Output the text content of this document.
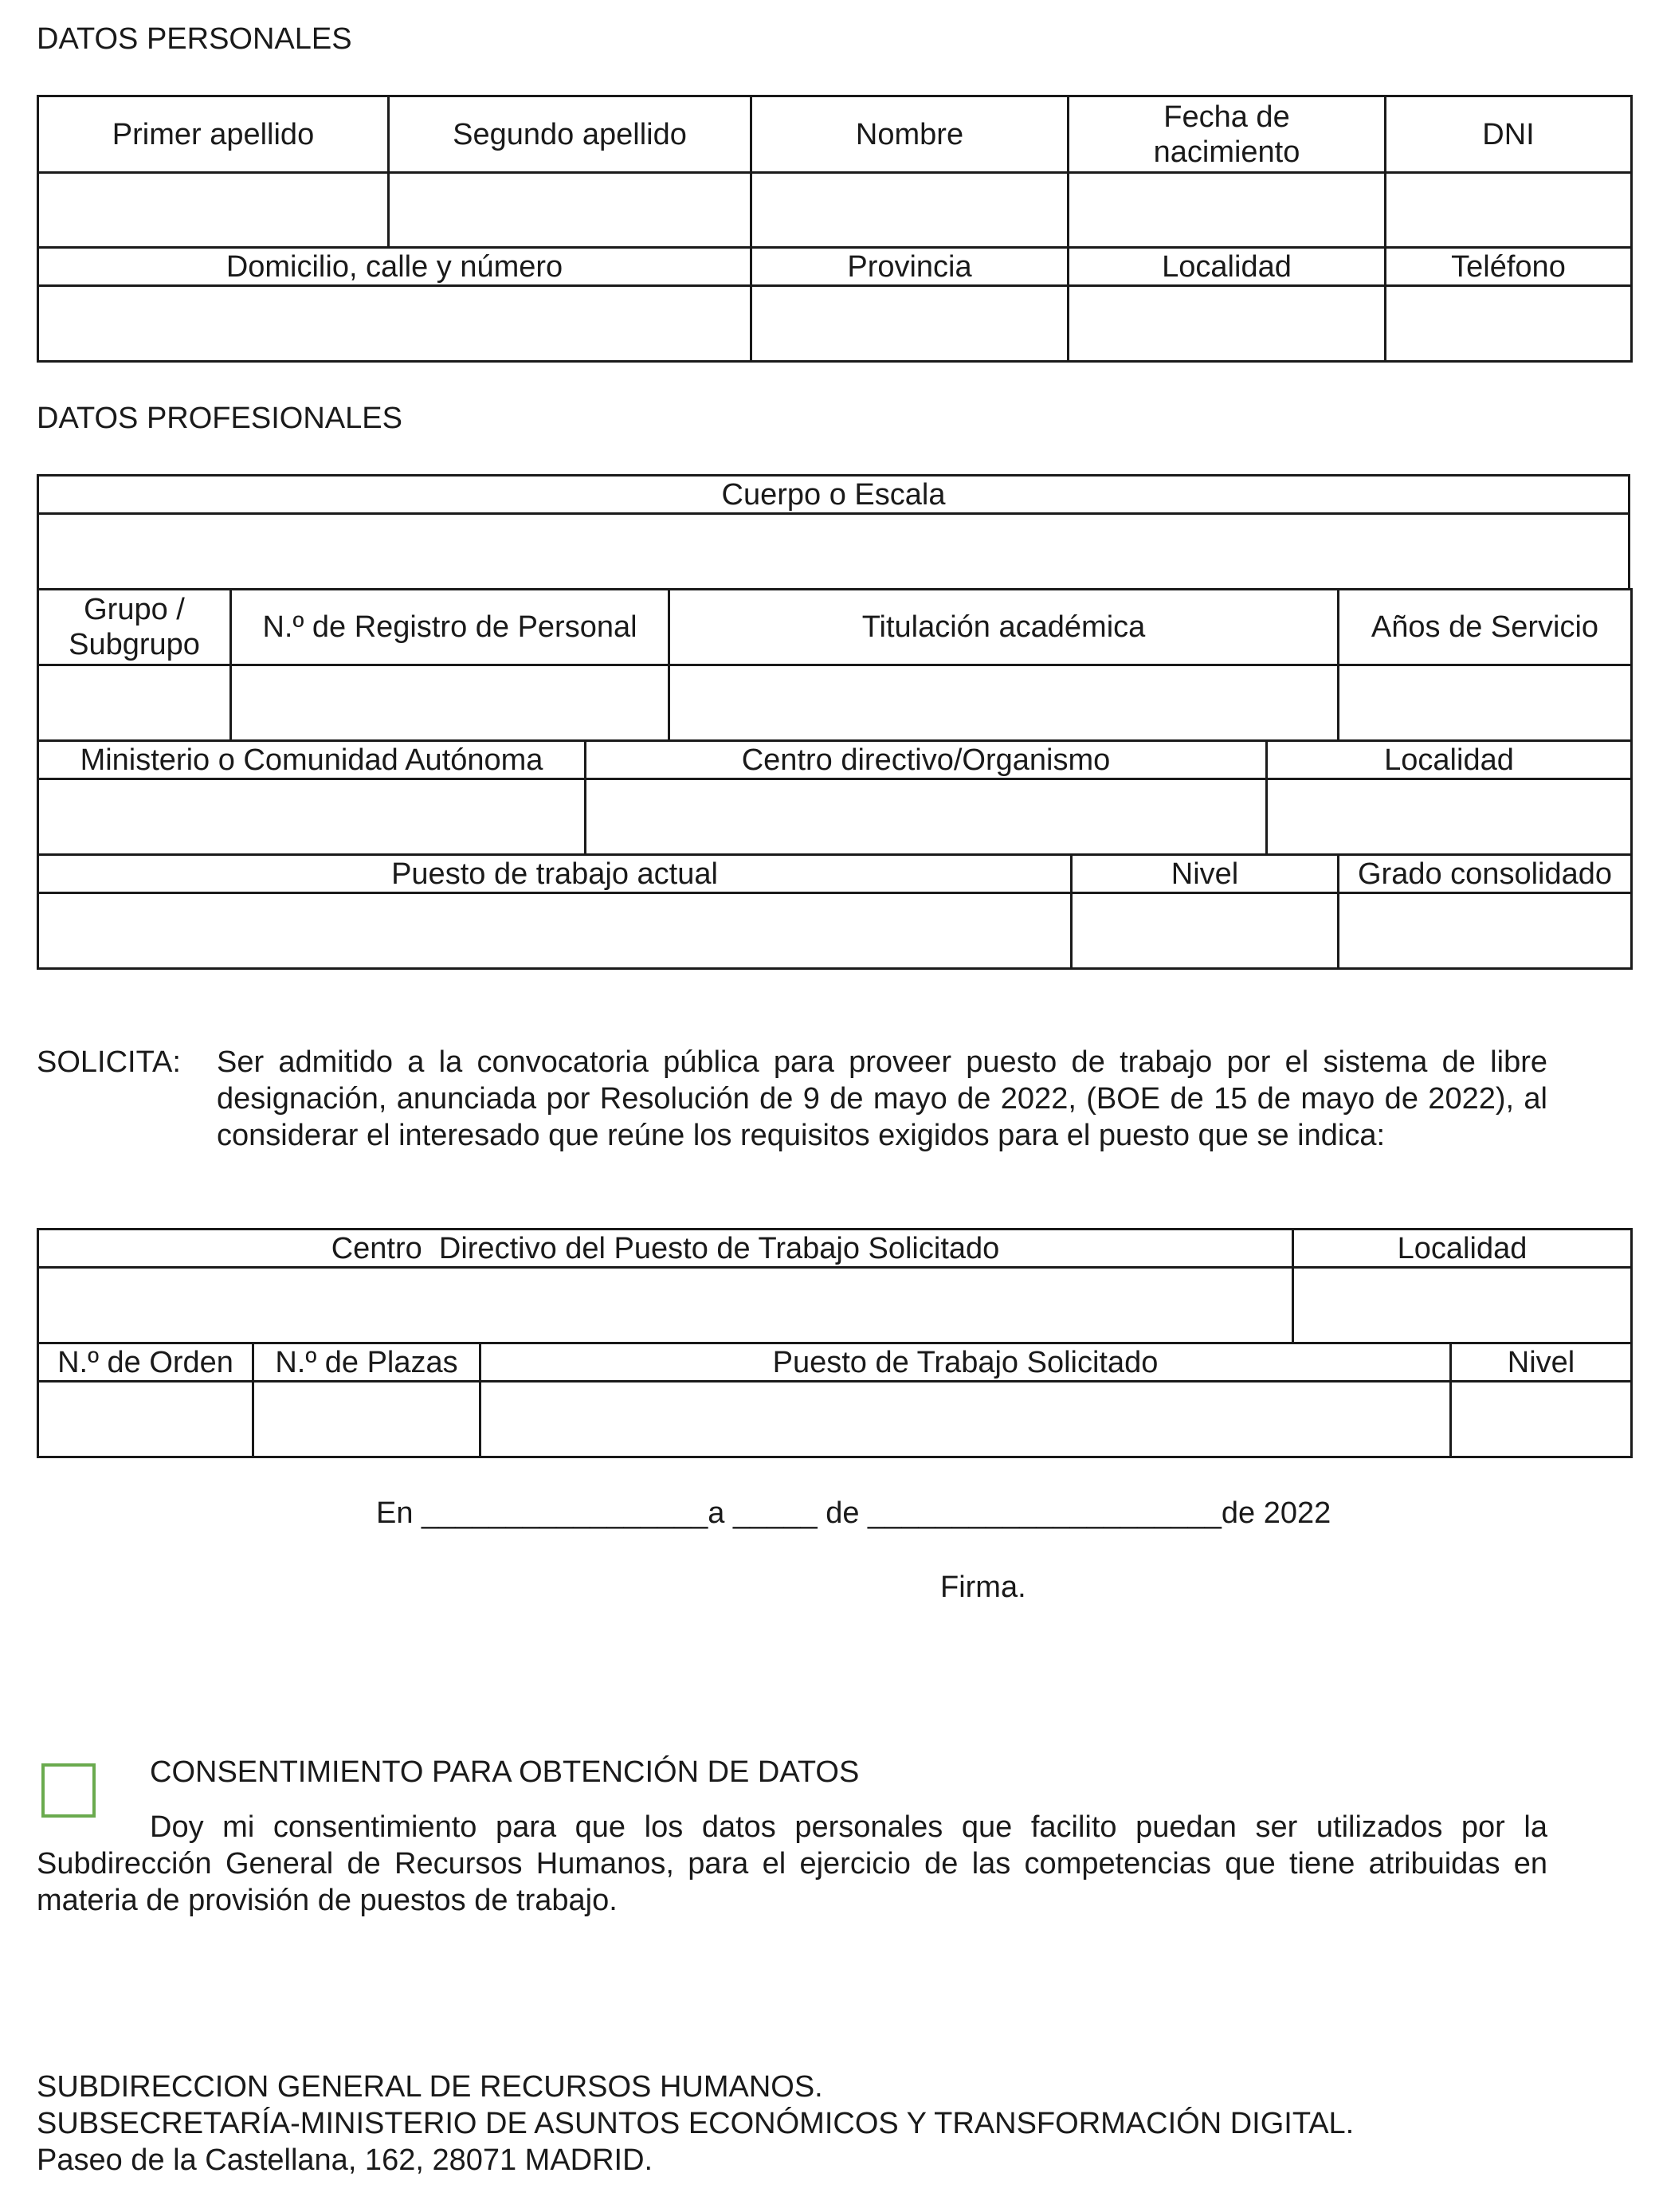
DATOS PERSONALES
Primer apellido	Segundo apellido	Nombre	Fecha de nacimiento	DNI

Domicilio, calle y número		Provincia	Localidad	Teléfono

DATOS PROFESIONALES
Cuerpo o Escala

Grupo / Subgrupo	N.º de Registro de Personal	Titulación académica	Años de Servicio

Ministerio o Comunidad Autónoma	Centro directivo/Organismo	Localidad

Puesto de trabajo actual	Nivel	Grado consolidado

SOLICITA: Ser admitido a la convocatoria pública para proveer puesto de trabajo por el sistema de libre designación, anunciada por Resolución de 9 de mayo de 2022, (BOE de 15 de mayo de 2022), al considerar el interesado que reúne los requisitos exigidos para el puesto que se indica:
Centro  Directivo del Puesto de Trabajo Solicitado	Localidad

N.º de Orden	N.º de Plazas	Puesto de Trabajo Solicitado	Nivel

En _________________a _____ de _____________________de 2022
Firma.
CONSENTIMIENTO PARA OBTENCIÓN DE DATOS
Doy mi consentimiento para que los datos personales que facilito puedan ser utilizados por la Subdirección General de Recursos Humanos, para el ejercicio de las competencias que tiene atribuidas en materia de provisión de puestos de trabajo.
SUBDIRECCION GENERAL DE RECURSOS HUMANOS.
SUBSECRETARÍA-MINISTERIO DE ASUNTOS ECONÓMICOS Y TRANSFORMACIÓN DIGITAL.
Paseo de la Castellana, 162, 28071 MADRID.
